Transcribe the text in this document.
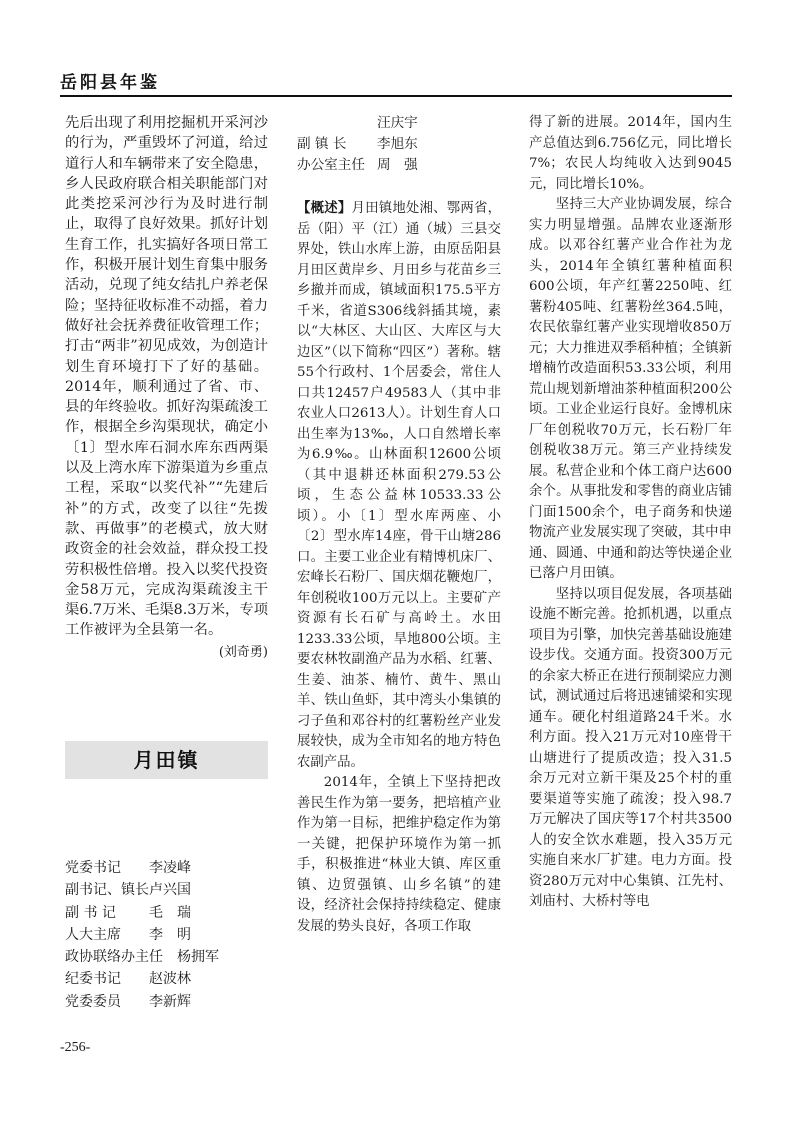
岳阳县年鉴

先后出现了利用挖掘机开采河沙的行为，严重毁坏了河道，给过道行人和车辆带来了安全隐患，乡人民政府联合相关职能部门对此类挖采河沙行为及时进行制止，取得了良好效果。抓好计划生育工作，扎实搞好各项日常工作，积极开展计划生育集中服务活动，兑现了纯女结扎户养老保险；坚持征收标准不动摇，着力做好社会抚养费征收管理工作；打击“两非”初见成效，为创造计划生育环境打下了好的基础。2014年，顺利通过了省、市、县的年终验收。抓好沟渠疏浚工作，根据全乡沟渠现状，确定小〔1〕型水库石洞水库东西两渠以及上湾水库下游渠道为乡重点工程，采取“以奖代补”“先建后补”的方式，改变了以往“先拨款、再做事”的老模式，放大财政资金的社会效益，群众投工投劳积极性倍增。投入以奖代投资金58万元，完成沟渠疏浚主干渠6.7万米、毛渠8.3万米，专项工作被评为全县第一名。

(刘奇勇)

月田镇
党委书记	李凌峰
副书记、镇长 卢兴国
副 书 记	毛　瑞
人大主席	李　明
政协联络办主任	杨拥军
纪委书记	赵波林
党委委员	李新辉
汪庆宇
副 镇 长	李旭东
办公室主任 周　强

【概述】月田镇地处湘、鄂两省，岳（阳）平（江）通（城）三县交界处，铁山水库上游，由原岳阳县月田区黄岸乡、月田乡与花苗乡三乡撤并而成，镇域面积175.5平方千米，省道S306线斜插其境，素以“大林区、大山区、大库区与大边区”（以下简称“四区”）著称。辖55个行政村、1个居委会，常住人口共12457户49583人（其中非农业人口2613人）。计划生育人口出生率为13‰，人口自然增长率为6.9‰。山林面积12600公顷（其中退耕还林面积279.53公顷，生态公益林10533.33公顷）。小〔1〕型水库两座、小〔2〕型水库14座，骨干山塘286口。主要工业企业有精博机床厂、宏峰长石粉厂、国庆烟花鞭炮厂，年创税收100万元以上。主要矿产资源有长石矿与高岭土。水田1233.33公顷，旱地800公顷。主要农林牧副渔产品为水稻、红薯、生姜、油茶、楠竹、黄牛、黑山羊、铁山鱼虾，其中湾头小集镇的刁子鱼和邓谷村的红薯粉丝产业发展较快，成为全市知名的地方特色农副产品。

2014年，全镇上下坚持把改善民生作为第一要务，把培植产业作为第一目标，把维护稳定作为第一关键，把保护环境作为第一抓手，积极推进“林业大镇、库区重镇、边贸强镇、山乡名镇”的建设，经济社会保持持续稳定、健康发展的势头良好，各项工作取

得了新的进展。2014年，国内生产总值达到6.756亿元，同比增长7%；农民人均纯收入达到9045元，同比增长10%。

坚持三大产业协调发展，综合实力明显增强。品牌农业逐渐形成。以邓谷红薯产业合作社为龙头，2014年全镇红薯种植面积600公顷，年产红薯2250吨、红薯粉405吨、红薯粉丝364.5吨，农民依靠红薯产业实现增收850万元；大力推进双季稻种植；全镇新增楠竹改造面积53.33公顷，利用荒山规划新增油茶种植面积200公顷。工业企业运行良好。金博机床厂年创税收70万元，长石粉厂年创税收38万元。第三产业持续发展。私营企业和个体工商户达600余个。从事批发和零售的商业店铺门面1500余个，电子商务和快递物流产业发展实现了突破，其中申通、圆通、中通和韵达等快递企业已落户月田镇。

坚持以项目促发展，各项基础设施不断完善。抢抓机遇，以重点项目为引擎，加快完善基础设施建设步伐。交通方面。投资300万元的余家大桥正在进行预制梁应力测试，测试通过后将迅速铺梁和实现通车。硬化村组道路24千米。水利方面。投入21万元对10座骨干山塘进行了提质改造；投入31.5余万元对立新干渠及25个村的重要渠道等实施了疏浚；投入98.7万元解决了国庆等17个村共3500人的安全饮水难题，投入35万元实施自来水厂扩建。电力方面。投资280万元对中心集镇、江先村、刘庙村、大桥村等电

-256-
